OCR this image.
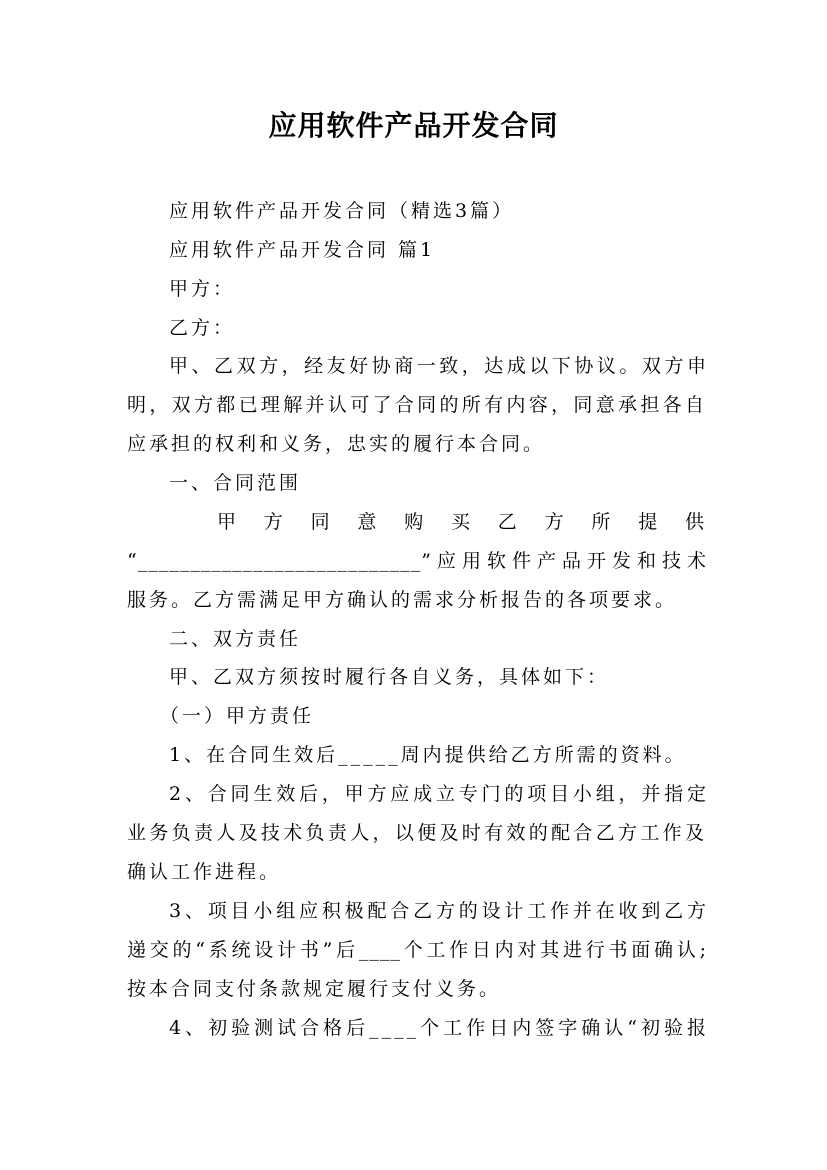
应用软件产品开发合同
应用软件产品开发合同（精选3篇）
应用软件产品开发合同 篇1
甲方：
乙方：
甲、乙双方，经友好协商一致，达成以下协议。双方申
明，双方都已理解并认可了合同的所有内容，同意承担各自
应承担的权利和义务，忠实的履行本合同。
一、合同范围
甲 方 同 意 购 买 乙 方 所 提 供
“___________________________”应用软件产品开发和技术
服务。乙方需满足甲方确认的需求分析报告的各项要求。
二、双方责任
甲、乙双方须按时履行各自义务，具体如下：
（一）甲方责任
1、在合同生效后_____周内提供给乙方所需的资料。
2、合同生效后，甲方应成立专门的项目小组，并指定
业务负责人及技术负责人，以便及时有效的配合乙方工作及
确认工作进程。
3、项目小组应积极配合乙方的设计工作并在收到乙方
递交的“系统设计书”后____个工作日内对其进行书面确认;
按本合同支付条款规定履行支付义务。
4、初验测试合格后____个工作日内签字确认“初验报
